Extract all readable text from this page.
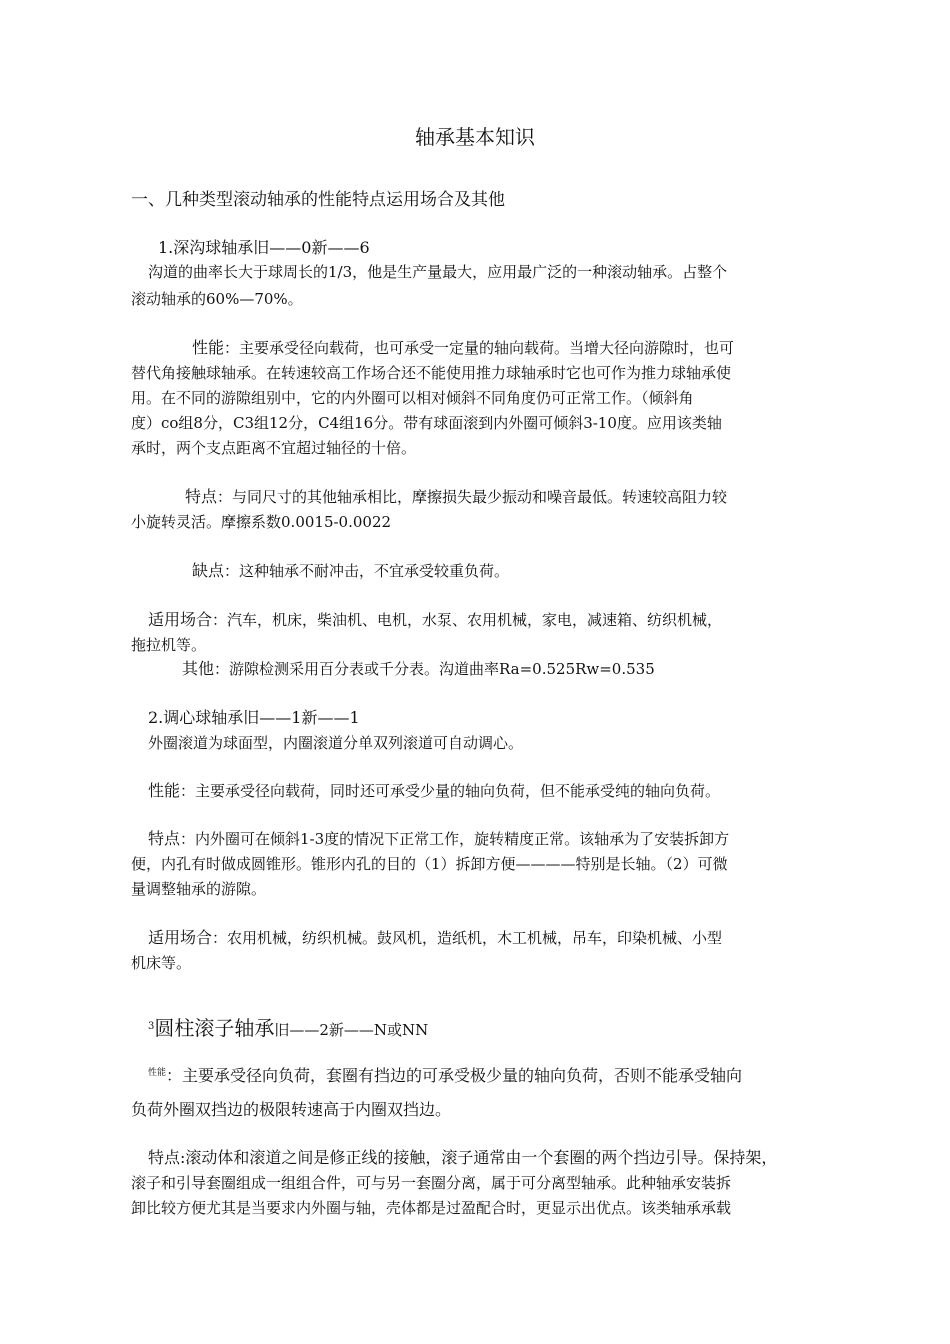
轴承基本知识
一、几种类型滚动轴承的性能特点运用场合及其他
1.深沟球轴承旧——0新——6
沟道的曲率长大于球周长的1/3，他是生产量最大，应用最广泛的一种滚动轴承。占整个
滚动轴承的60%—70%。
性能：主要承受径向载荷，也可承受一定量的轴向载荷。当增大径向游隙时，也可
替代角接触球轴承。在转速较高工作场合还不能使用推力球轴承时它也可作为推力球轴承使
用。在不同的游隙组别中，它的内外圈可以相对倾斜不同角度仍可正常工作。（倾斜角
度）co组8分，C3组12分，C4组16分。带有球面滚到内外圈可倾斜3-10度。应用该类轴
承时，两个支点距离不宜超过轴径的十倍。
特点：与同尺寸的其他轴承相比，摩擦损失最少振动和噪音最低。转速较高阻力较
小旋转灵活。摩擦系数0.0015-0.0022
缺点：这种轴承不耐冲击，不宜承受较重负荷。
适用场合：汽车，机床，柴油机、电机，水泵、农用机械，家电，减速箱、纺织机械，
拖拉机等。
其他：游隙检测采用百分表或千分表。沟道曲率Ra=0.525Rw=0.535
2.调心球轴承旧——1新——1
外圈滚道为球面型，内圈滚道分单双列滚道可自动调心。
性能：主要承受径向载荷，同时还可承受少量的轴向负荷，但不能承受纯的轴向负荷。
特点：内外圈可在倾斜1-3度的情况下正常工作，旋转精度正常。该轴承为了安装拆卸方
便，内孔有时做成圆锥形。锥形内孔的目的（1）拆卸方便————特别是长轴。（2）可微
量调整轴承的游隙。
适用场合：农用机械，纺织机械。鼓风机，造纸机，木工机械，吊车，印染机械、小型
机床等。
$^3$圆柱滚子轴承旧——2新——N或NN
$^{性能}$：主要承受径向负荷，套圈有挡边的可承受极少量的轴向负荷，否则不能承受轴向
负荷外圈双挡边的极限转速高于内圈双挡边。
特点:滚动体和滚道之间是修正线的接触，滚子通常由一个套圈的两个挡边引导。保持架，
滚子和引导套圈组成一组组合件，可与另一套圈分离，属于可分离型轴承。此种轴承安装拆
卸比较方便尤其是当要求内外圈与轴，壳体都是过盈配合时，更显示出优点。该类轴承承载
